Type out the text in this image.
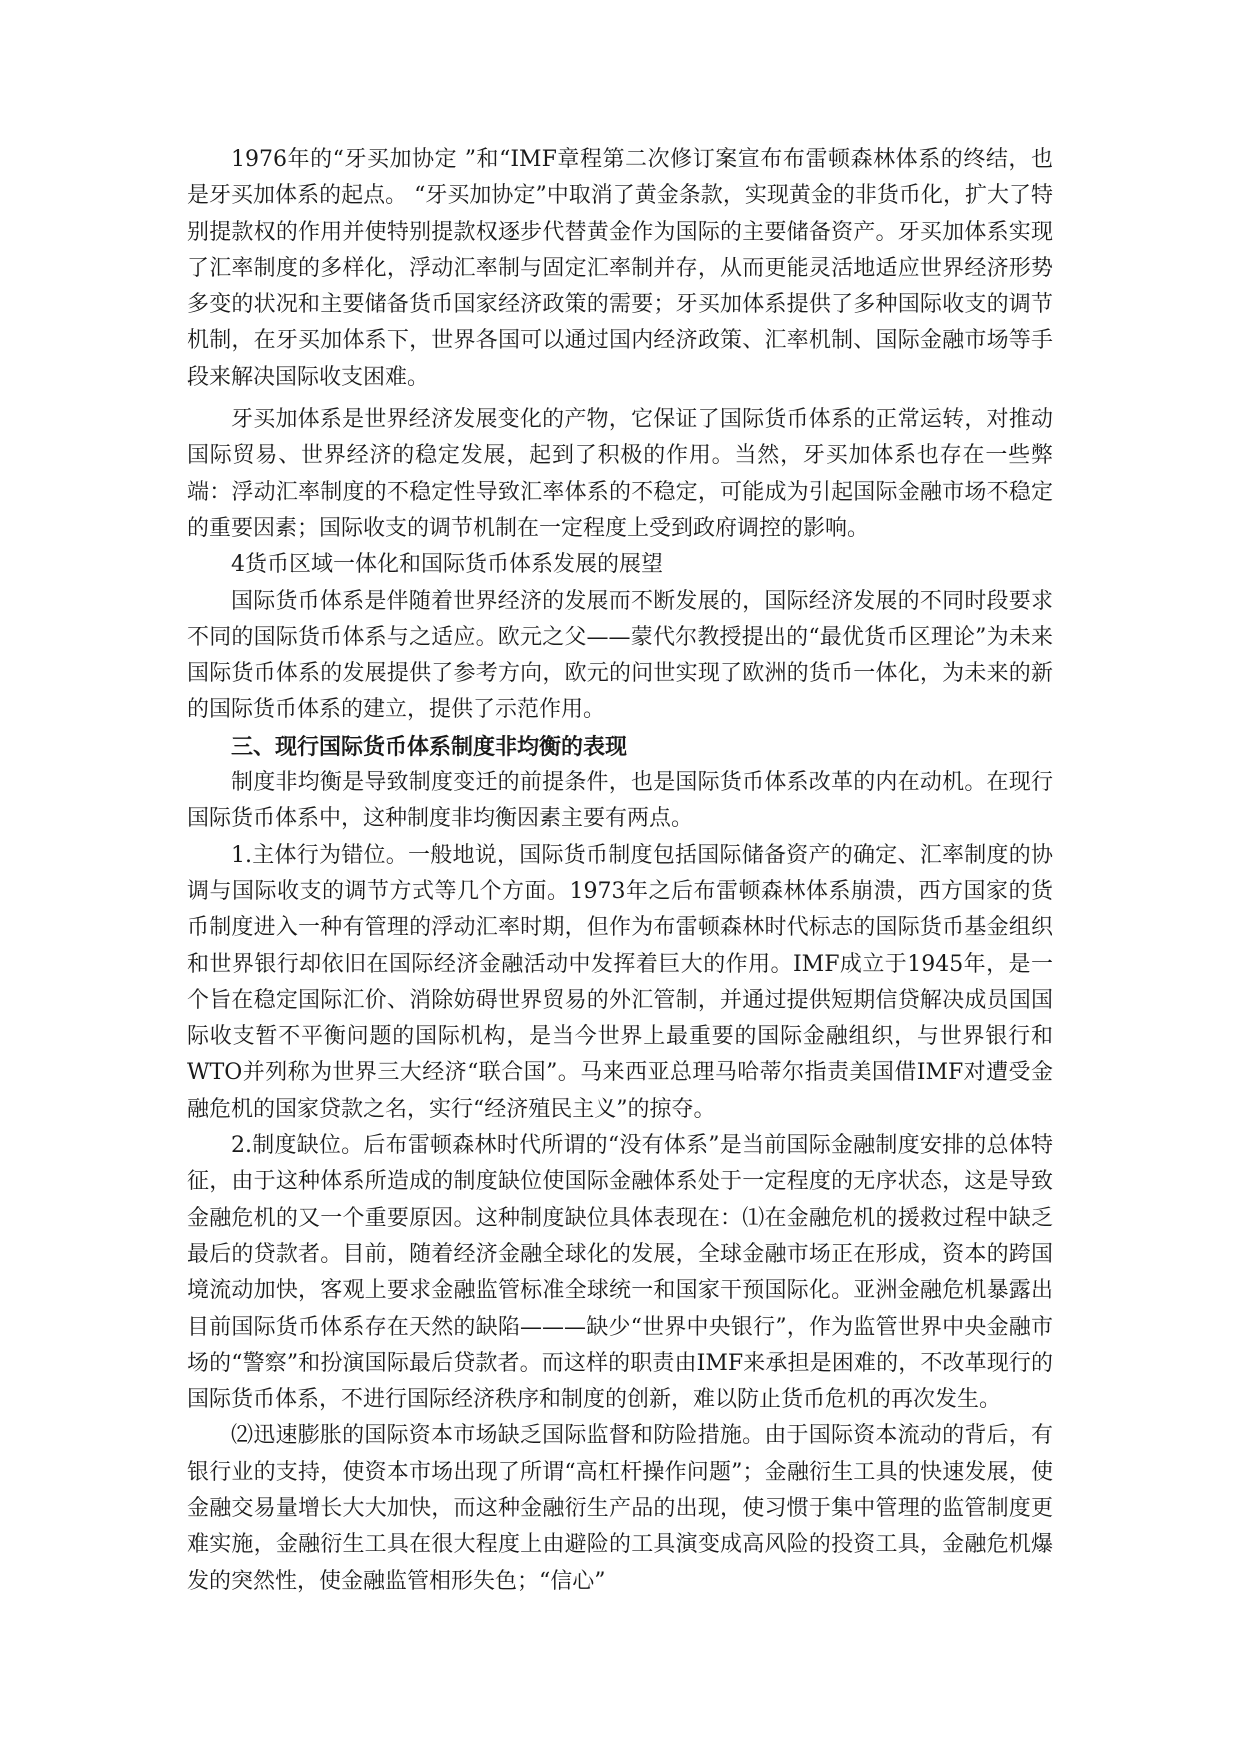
1976年的“牙买加协定 ”和“IMF章程第二次修订案宣布布雷顿森林体系的终结，也是牙买加体系的起点。 “牙买加协定”中取消了黄金条款，实现黄金的非货币化，扩大了特别提款权的作用并使特别提款权逐步代替黄金作为国际的主要储备资产。牙买加体系实现了汇率制度的多样化，浮动汇率制与固定汇率制并存，从而更能灵活地适应世界经济形势多变的状况和主要储备货币国家经济政策的需要；牙买加体系提供了多种国际收支的调节机制，在牙买加体系下，世界各国可以通过国内经济政策、汇率机制、国际金融市场等手段来解决国际收支困难。

牙买加体系是世界经济发展变化的产物，它保证了国际货币体系的正常运转，对推动国际贸易、世界经济的稳定发展，起到了积极的作用。当然，牙买加体系也存在一些弊端：浮动汇率制度的不稳定性导致汇率体系的不稳定，可能成为引起国际金融市场不稳定的重要因素；国际收支的调节机制在一定程度上受到政府调控的影响。

4货币区域一体化和国际货币体系发展的展望

国际货币体系是伴随着世界经济的发展而不断发展的，国际经济发展的不同时段要求不同的国际货币体系与之适应。欧元之父——蒙代尔教授提出的“最优货币区理论”为未来国际货币体系的发展提供了参考方向，欧元的问世实现了欧洲的货币一体化，为未来的新的国际货币体系的建立，提供了示范作用。

三、现行国际货币体系制度非均衡的表现

制度非均衡是导致制度变迁的前提条件，也是国际货币体系改革的内在动机。在现行国际货币体系中，这种制度非均衡因素主要有两点。

1.主体行为错位。一般地说，国际货币制度包括国际储备资产的确定、汇率制度的协调与国际收支的调节方式等几个方面。1973年之后布雷顿森林体系崩溃，西方国家的货币制度进入一种有管理的浮动汇率时期，但作为布雷顿森林时代标志的国际货币基金组织和世界银行却依旧在国际经济金融活动中发挥着巨大的作用。IMF成立于1945年，是一个旨在稳定国际汇价、消除妨碍世界贸易的外汇管制，并通过提供短期信贷解决成员国国际收支暂不平衡问题的国际机构，是当今世界上最重要的国际金融组织，与世界银行和WTO并列称为世界三大经济“联合国”。马来西亚总理马哈蒂尔指责美国借IMF对遭受金融危机的国家贷款之名，实行“经济殖民主义”的掠夺。

2.制度缺位。后布雷顿森林时代所谓的“没有体系”是当前国际金融制度安排的总体特征，由于这种体系所造成的制度缺位使国际金融体系处于一定程度的无序状态，这是导致金融危机的又一个重要原因。这种制度缺位具体表现在：⑴在金融危机的援救过程中缺乏最后的贷款者。目前，随着经济金融全球化的发展，全球金融市场正在形成，资本的跨国境流动加快，客观上要求金融监管标准全球统一和国家干预国际化。亚洲金融危机暴露出目前国际货币体系存在天然的缺陷———缺少“世界中央银行”，作为监管世界中央金融市场的“警察”和扮演国际最后贷款者。而这样的职责由IMF来承担是困难的，不改革现行的国际货币体系，不进行国际经济秩序和制度的创新，难以防止货币危机的再次发生。

⑵迅速膨胀的国际资本市场缺乏国际监督和防险措施。由于国际资本流动的背后，有银行业的支持，使资本市场出现了所谓“高杠杆操作问题”；金融衍生工具的快速发展，使金融交易量增长大大加快，而这种金融衍生产品的出现，使习惯于集中管理的监管制度更难实施，金融衍生工具在很大程度上由避险的工具演变成高风险的投资工具，金融危机爆发的突然性，使金融监管相形失色；“信心”
